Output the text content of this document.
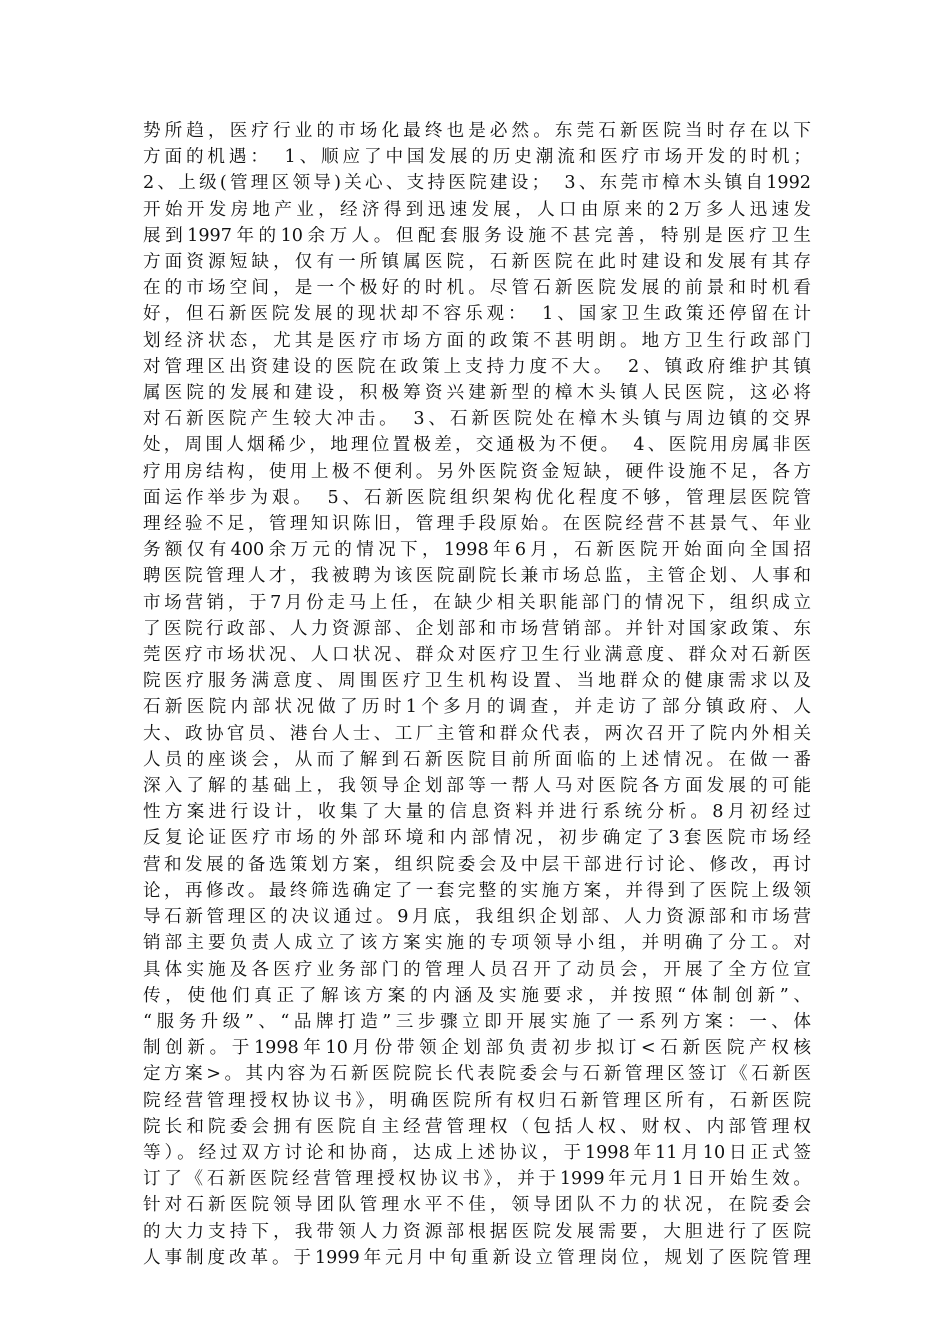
势所趋，医疗行业的市场化最终也是必然。东莞石新医院当时存在以下
方面的机遇：　1、顺应了中国发展的历史潮流和医疗市场开发的时机；
2、上级(管理区领导)关心、支持医院建设；　3、东莞市樟木头镇自1992
开始开发房地产业，经济得到迅速发展，人口由原来的2万多人迅速发
展到1997年的10余万人。但配套服务设施不甚完善，特别是医疗卫生
方面资源短缺，仅有一所镇属医院，石新医院在此时建设和发展有其存
在的市场空间，是一个极好的时机。尽管石新医院发展的前景和时机看
好，但石新医院发展的现状却不容乐观：　1、国家卫生政策还停留在计
划经济状态，尤其是医疗市场方面的政策不甚明朗。地方卫生行政部门
对管理区出资建设的医院在政策上支持力度不大。　2、镇政府维护其镇
属医院的发展和建设，积极筹资兴建新型的樟木头镇人民医院，这必将
对石新医院产生较大冲击。　3、石新医院处在樟木头镇与周边镇的交界
处，周围人烟稀少，地理位置极差，交通极为不便。　4、医院用房属非医
疗用房结构，使用上极不便利。另外医院资金短缺，硬件设施不足，各方
面运作举步为艰。　5、石新医院组织架构优化程度不够，管理层医院管
理经验不足，管理知识陈旧，管理手段原始。在医院经营不甚景气、年业
务额仅有400余万元的情况下，1998年6月，石新医院开始面向全国招
聘医院管理人才，我被聘为该医院副院长兼市场总监，主管企划、人事和
市场营销，于7月份走马上任，在缺少相关职能部门的情况下，组织成立
了医院行政部、人力资源部、企划部和市场营销部。并针对国家政策、东
莞医疗市场状况、人口状况、群众对医疗卫生行业满意度、群众对石新医
院医疗服务满意度、周围医疗卫生机构设置、当地群众的健康需求以及
石新医院内部状况做了历时1个多月的调查，并走访了部分镇政府、人
大、政协官员、港台人士、工厂主管和群众代表，两次召开了院内外相关
人员的座谈会，从而了解到石新医院目前所面临的上述情况。在做一番
深入了解的基础上，我领导企划部等一帮人马对医院各方面发展的可能
性方案进行设计，收集了大量的信息资料并进行系统分析。8月初经过
反复论证医疗市场的外部环境和内部情况，初步确定了3套医院市场经
营和发展的备选策划方案，组织院委会及中层干部进行讨论、修改，再讨
论，再修改。最终筛选确定了一套完整的实施方案，并得到了医院上级领
导石新管理区的决议通过。9月底，我组织企划部、人力资源部和市场营
销部主要负责人成立了该方案实施的专项领导小组，并明确了分工。对
具体实施及各医疗业务部门的管理人员召开了动员会，开展了全方位宣
传，使他们真正了解该方案的内涵及实施要求，并按照“体制创新”、
“服务升级”、“品牌打造”三步骤立即开展实施了一系列方案：一、体
制创新。于1998年10月份带领企划部负责初步拟订<石新医院产权核
定方案>。其内容为石新医院院长代表院委会与石新管理区签订《石新医
院经营管理授权协议书》，明确医院所有权归石新管理区所有，石新医院
院长和院委会拥有医院自主经营管理权（包括人权、财权、内部管理权
等）。经过双方讨论和协商，达成上述协议，于1998年11月10日正式签
订了《石新医院经营管理授权协议书》，并于1999年元月1日开始生效。
针对石新医院领导团队管理水平不佳，领导团队不力的状况，在院委会
的大力支持下，我带领人力资源部根据医院发展需要，大胆进行了医院
人事制度改革。于1999年元月中旬重新设立管理岗位，规划了医院管理
